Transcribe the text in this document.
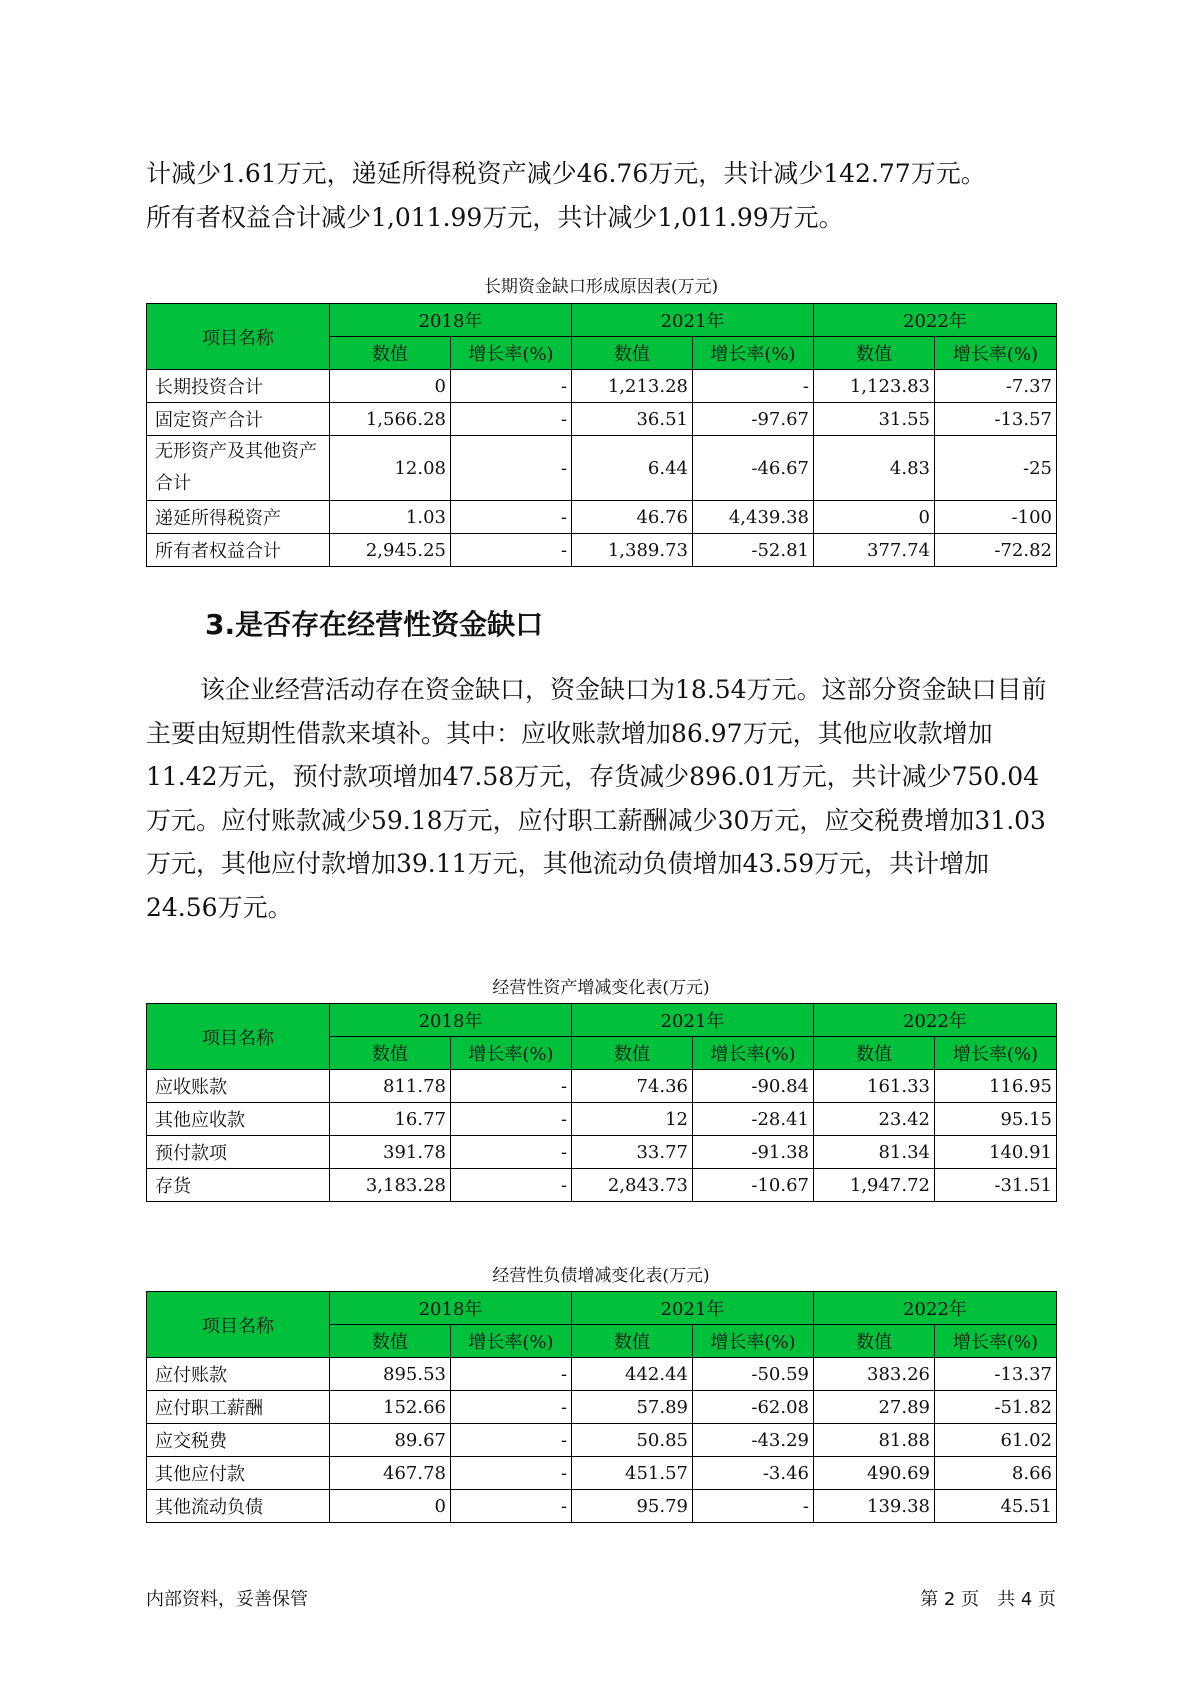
计减少1.61万元，递延所得税资产减少46.76万元，共计减少142.77万元。

所有者权益合计减少1,011.99万元，共计减少1,011.99万元。

长期资金缺口形成原因表(万元)
项目名称	2018年		2021年		2022年	
	数值	增长率(%)	数值	增长率(%)	数值	增长率(%)
长期投资合计	0	-	1,213.28	-	1,123.83	-7.37
固定资产合计	1,566.28	-	36.51	-97.67	31.55	-13.57
无形资产及其他资产合计	12.08	-	6.44	-46.67	4.83	-25
递延所得税资产	1.03	-	46.76	4,439.38	0	-100
所有者权益合计	2,945.25	-	1,389.73	-52.81	377.74	-72.82
3.是否存在经营性资金缺口
该企业经营活动存在资金缺口，资金缺口为18.54万元。这部分资金缺口目前主要由短期性借款来填补。其中：应收账款增加86.97万元，其他应收款增加11.42万元，预付款项增加47.58万元，存货减少896.01万元，共计减少750.04万元。应付账款减少59.18万元，应付职工薪酬减少30万元，应交税费增加31.03万元，其他应付款增加39.11万元，其他流动负债增加43.59万元，共计增加24.56万元。
经营性资产增减变化表(万元)
项目名称	2018年		2021年		2022年	
	数值	增长率(%)	数值	增长率(%)	数值	增长率(%)
应收账款	811.78	-	74.36	-90.84	161.33	116.95
其他应收款	16.77	-	12	-28.41	23.42	95.15
预付款项	391.78	-	33.77	-91.38	81.34	140.91
存货	3,183.28	-	2,843.73	-10.67	1,947.72	-31.51
经营性负债增减变化表(万元)
项目名称	2018年		2021年		2022年	
	数值	增长率(%)	数值	增长率(%)	数值	增长率(%)
应付账款	895.53	-	442.44	-50.59	383.26	-13.37
应付职工薪酬	152.66	-	57.89	-62.08	27.89	-51.82
应交税费	89.67	-	50.85	-43.29	81.88	61.02
其他应付款	467.78	-	451.57	-3.46	490.69	8.66
其他流动负债	0	-	95.79	-	139.38	45.51
内部资料，妥善保管	第 2 页　共 4 页
